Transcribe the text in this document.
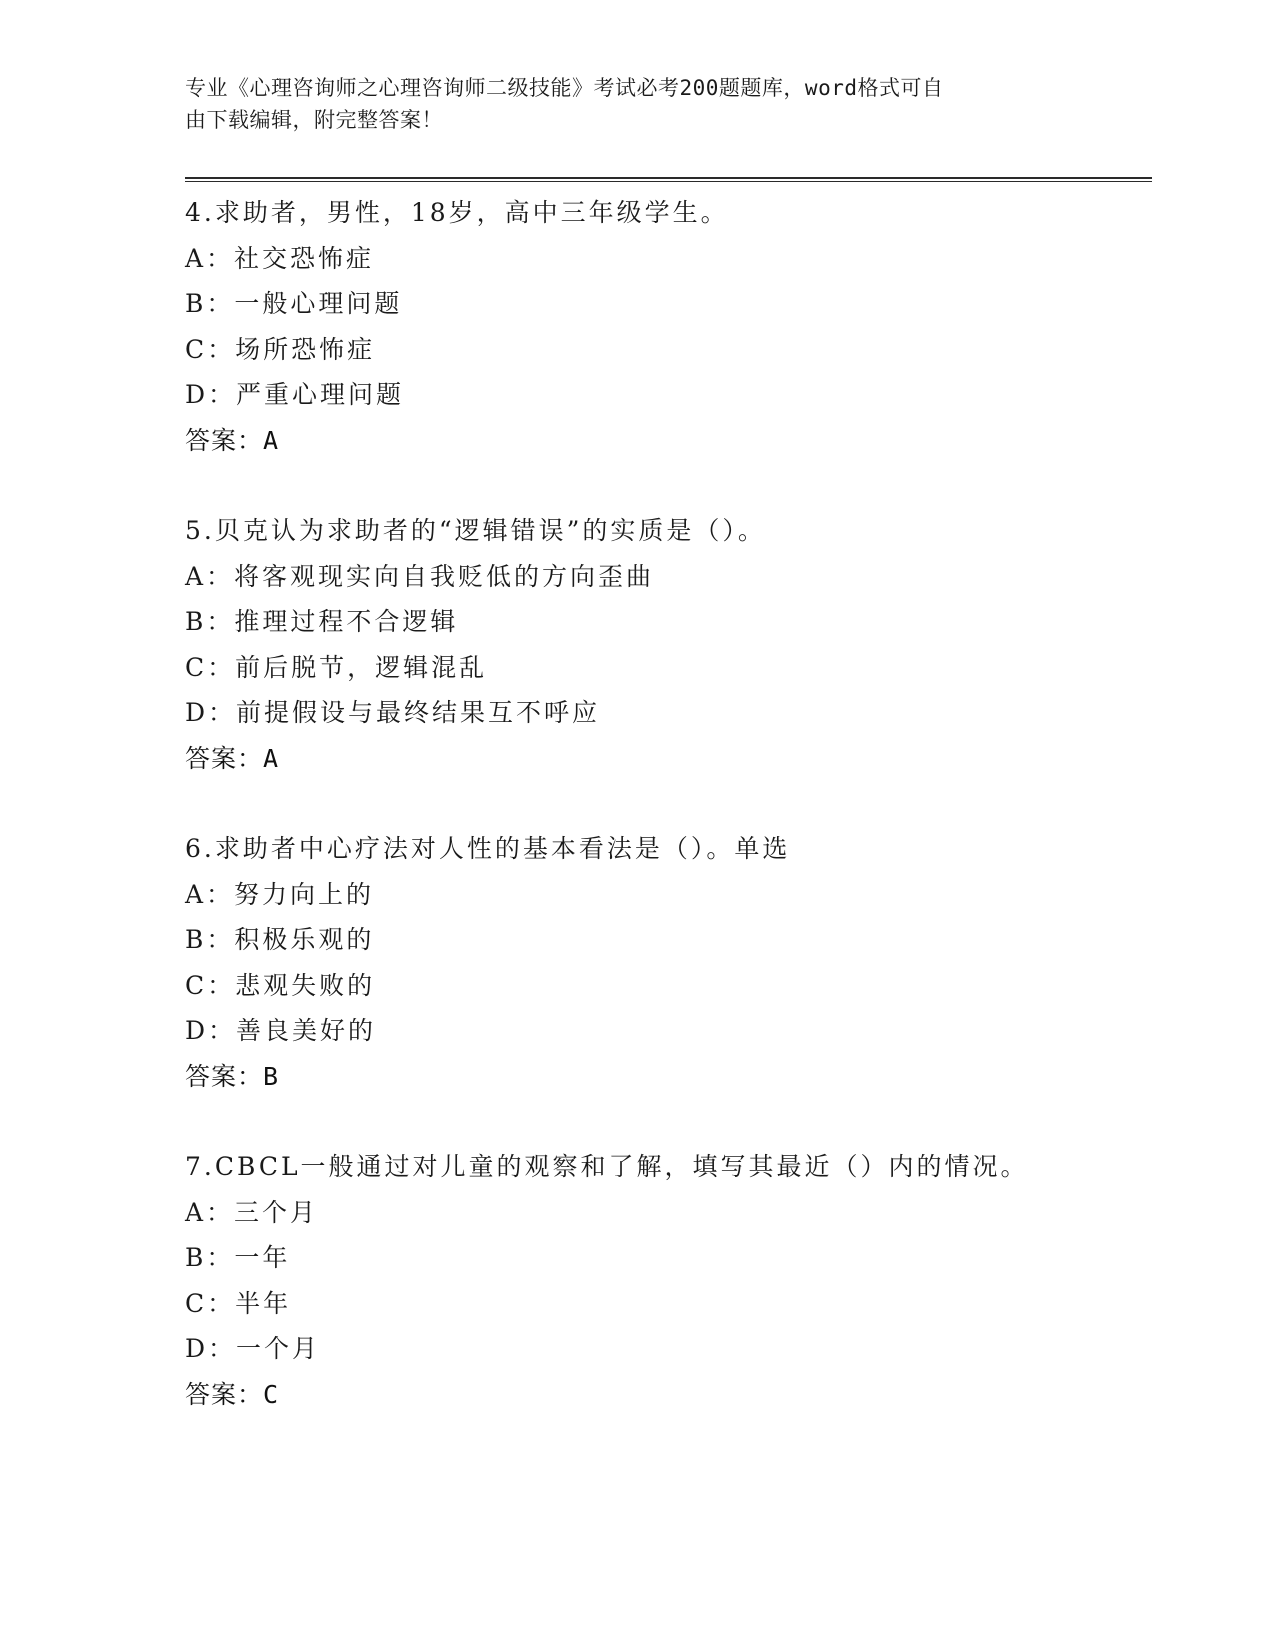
专业《心理咨询师之心理咨询师二级技能》考试必考200题题库，word格式可自
由下载编辑，附完整答案！
4.求助者，男性，18岁，高中三年级学生。
A：社交恐怖症
B：一般心理问题
C：场所恐怖症
D：严重心理问题
答案：A
5.贝克认为求助者的“逻辑错误”的实质是（）。
A：将客观现实向自我贬低的方向歪曲
B：推理过程不合逻辑
C：前后脱节，逻辑混乱
D：前提假设与最终结果互不呼应
答案：A
6.求助者中心疗法对人性的基本看法是（）。单选
A：努力向上的
B：积极乐观的
C：悲观失败的
D：善良美好的
答案：B
7.CBCL一般通过对儿童的观察和了解，填写其最近（）内的情况。
A：三个月
B：一年
C：半年
D：一个月
答案：C
